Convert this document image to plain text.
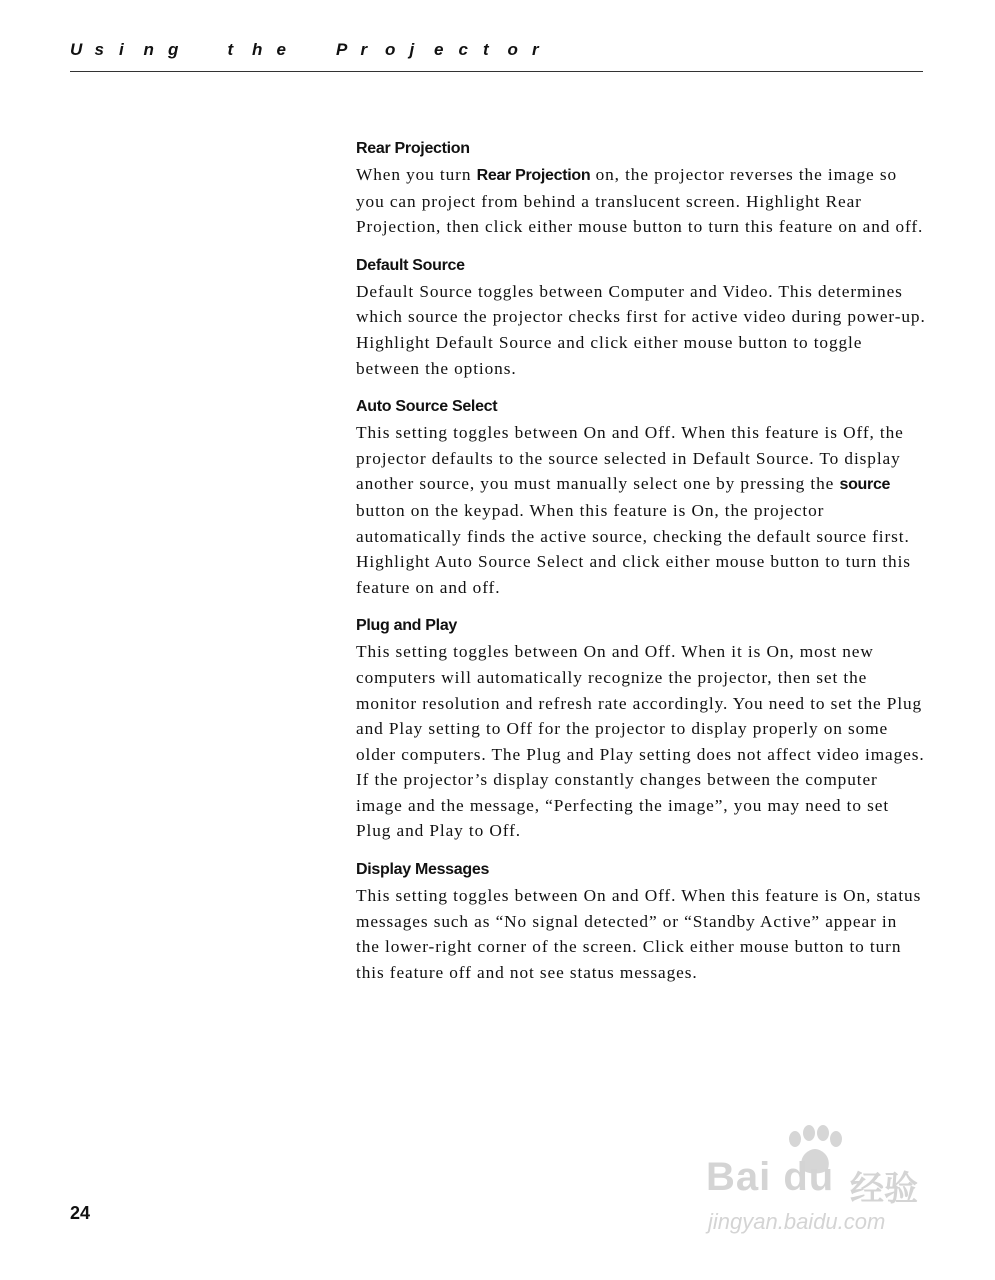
U s i n g	t h e	P r o j e c t o r
Rear Projection

When you turn Rear Projection on, the projector reverses the image so you can project from behind a translucent screen. Highlight Rear Projection, then click either mouse button to turn this feature on and off.

Default Source

Default Source toggles between Computer and Video. This determines which source the projector checks first for active video during power-up. Highlight Default Source and click either mouse button to toggle between the options.

Auto Source Select

This setting toggles between On and Off. When this feature is Off, the projector defaults to the source selected in Default Source. To display another source, you must manually select one by pressing the source button on the keypad. When this feature is On, the projector automatically finds the active source, checking the default source first. Highlight Auto Source Select and click either mouse button to turn this feature on and off.

Plug and Play

This setting toggles between On and Off. When it is On, most new computers will automatically recognize the projector, then set the monitor resolution and refresh rate accordingly. You need to set the Plug and Play setting to Off for the projector to display properly on some older computers. The Plug and Play setting does not affect video images.

If the projector’s display constantly changes between the computer image and the message, “Perfecting the image”, you may need to set Plug and Play to Off.

Display Messages

This setting toggles between On and Off. When this feature is On, status messages such as “No signal detected” or “Standby Active” appear in the lower-right corner of the screen. Click either mouse button to turn this feature off and not see status messages.

24
Bai du 经验
jingyan.baidu.com
